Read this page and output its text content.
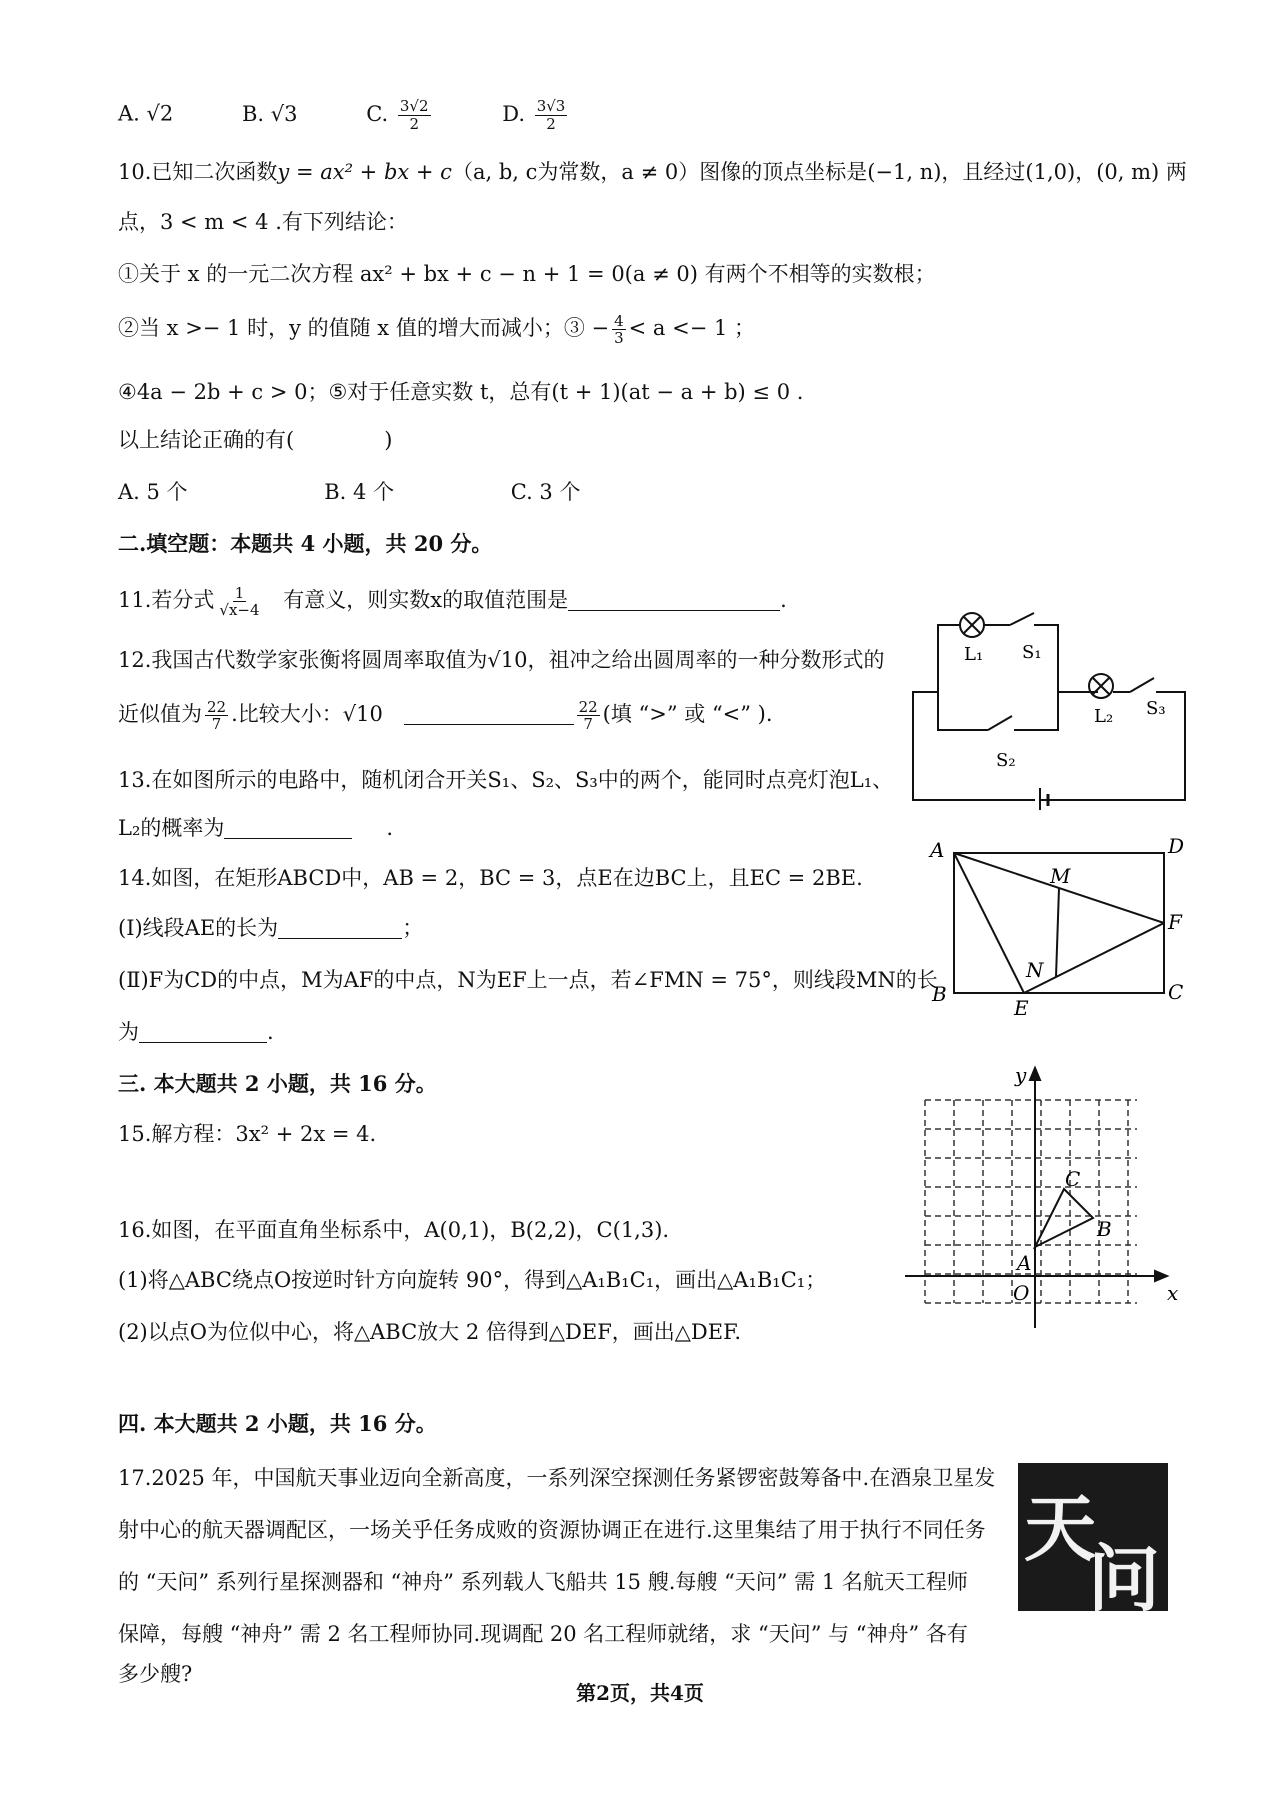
A. √2	B. √3	C. $\frac{3√2}{2}$	D. $\frac{3√3}{2}$
10.已知二次函数y = ax² + bx + c（a, b, c为常数，a ≠ 0）图像的顶点坐标是(−1, n)，且经过(1,0)，(0, m) 两
点，3 < m < 4 .有下列结论：
①关于 x 的一元二次方程 ax² + bx + c − n + 1 = 0(a ≠ 0) 有两个不相等的实数根；
②当 x >− 1 时，y 的值随 x 值的增大而减小；③ − $\frac{4}{3} < a <- 1$ ；
④4a − 2b + c > 0；⑤对于任意实数 t，总有(t + 1)(at − a + b) ≤ 0 .
以上结论正确的有(	)
A. 5 个	B. 4 个	C. 3 个
二.填空题：本题共 4 小题，共 20 分。
11.若分式 $\frac{1}{√x-4}$ 有意义，则实数x的取值范围是	.
12.我国古代数学家张衡将圆周率取值为√10，祖冲之给出圆周率的一种分数形式的
近似值为 $\frac{22}{7}$ .比较大小：√10	$\frac{22}{7}$ (填 “>” 或 “<” ).
13.在如图所示的电路中，随机闭合开关S₁、S₂、S₃中的两个，能同时点亮灯泡L₁、
L₂的概率为	.
14.如图，在矩形ABCD中，AB = 2，BC = 3，点E在边BC上，且EC = 2BE.
(Ⅰ)线段AE的长为	；
(Ⅱ)F为CD的中点，M为AF的中点，N为EF上一点，若∠FMN = 75°，则线段MN的长
为	.
三. 本大题共 2 小题，共 16 分。
15.解方程：3x² + 2x = 4.
16.如图，在平面直角坐标系中，A(0,1)，B(2,2)，C(1,3).
(1)将△ABC绕点O按逆时针方向旋转 90°，得到△A₁B₁C₁，画出△A₁B₁C₁；
(2)以点O为位似中心，将△ABC放大 2 倍得到△DEF，画出△DEF.
四. 本大题共 2 小题，共 16 分。
17.2025 年，中国航天事业迈向全新高度，一系列深空探测任务紧锣密鼓筹备中.在酒泉卫星发
射中心的航天器调配区，一场关乎任务成败的资源协调正在进行.这里集结了用于执行不同任务
的 “天问” 系列行星探测器和 “神舟” 系列载人飞船共 15 艘.每艘 “天问” 需 1 名航天工程师
保障，每艘 “神舟” 需 2 名工程师协同.现调配 20 名工程师就绪，求 “天问” 与 “神舟” 各有
多少艘?
天
问
L₁ S₁
L₂ S₃
S₂
A	D
M
F
N
B
E
C
y
x
O
A
B
C
第2页，共4页
